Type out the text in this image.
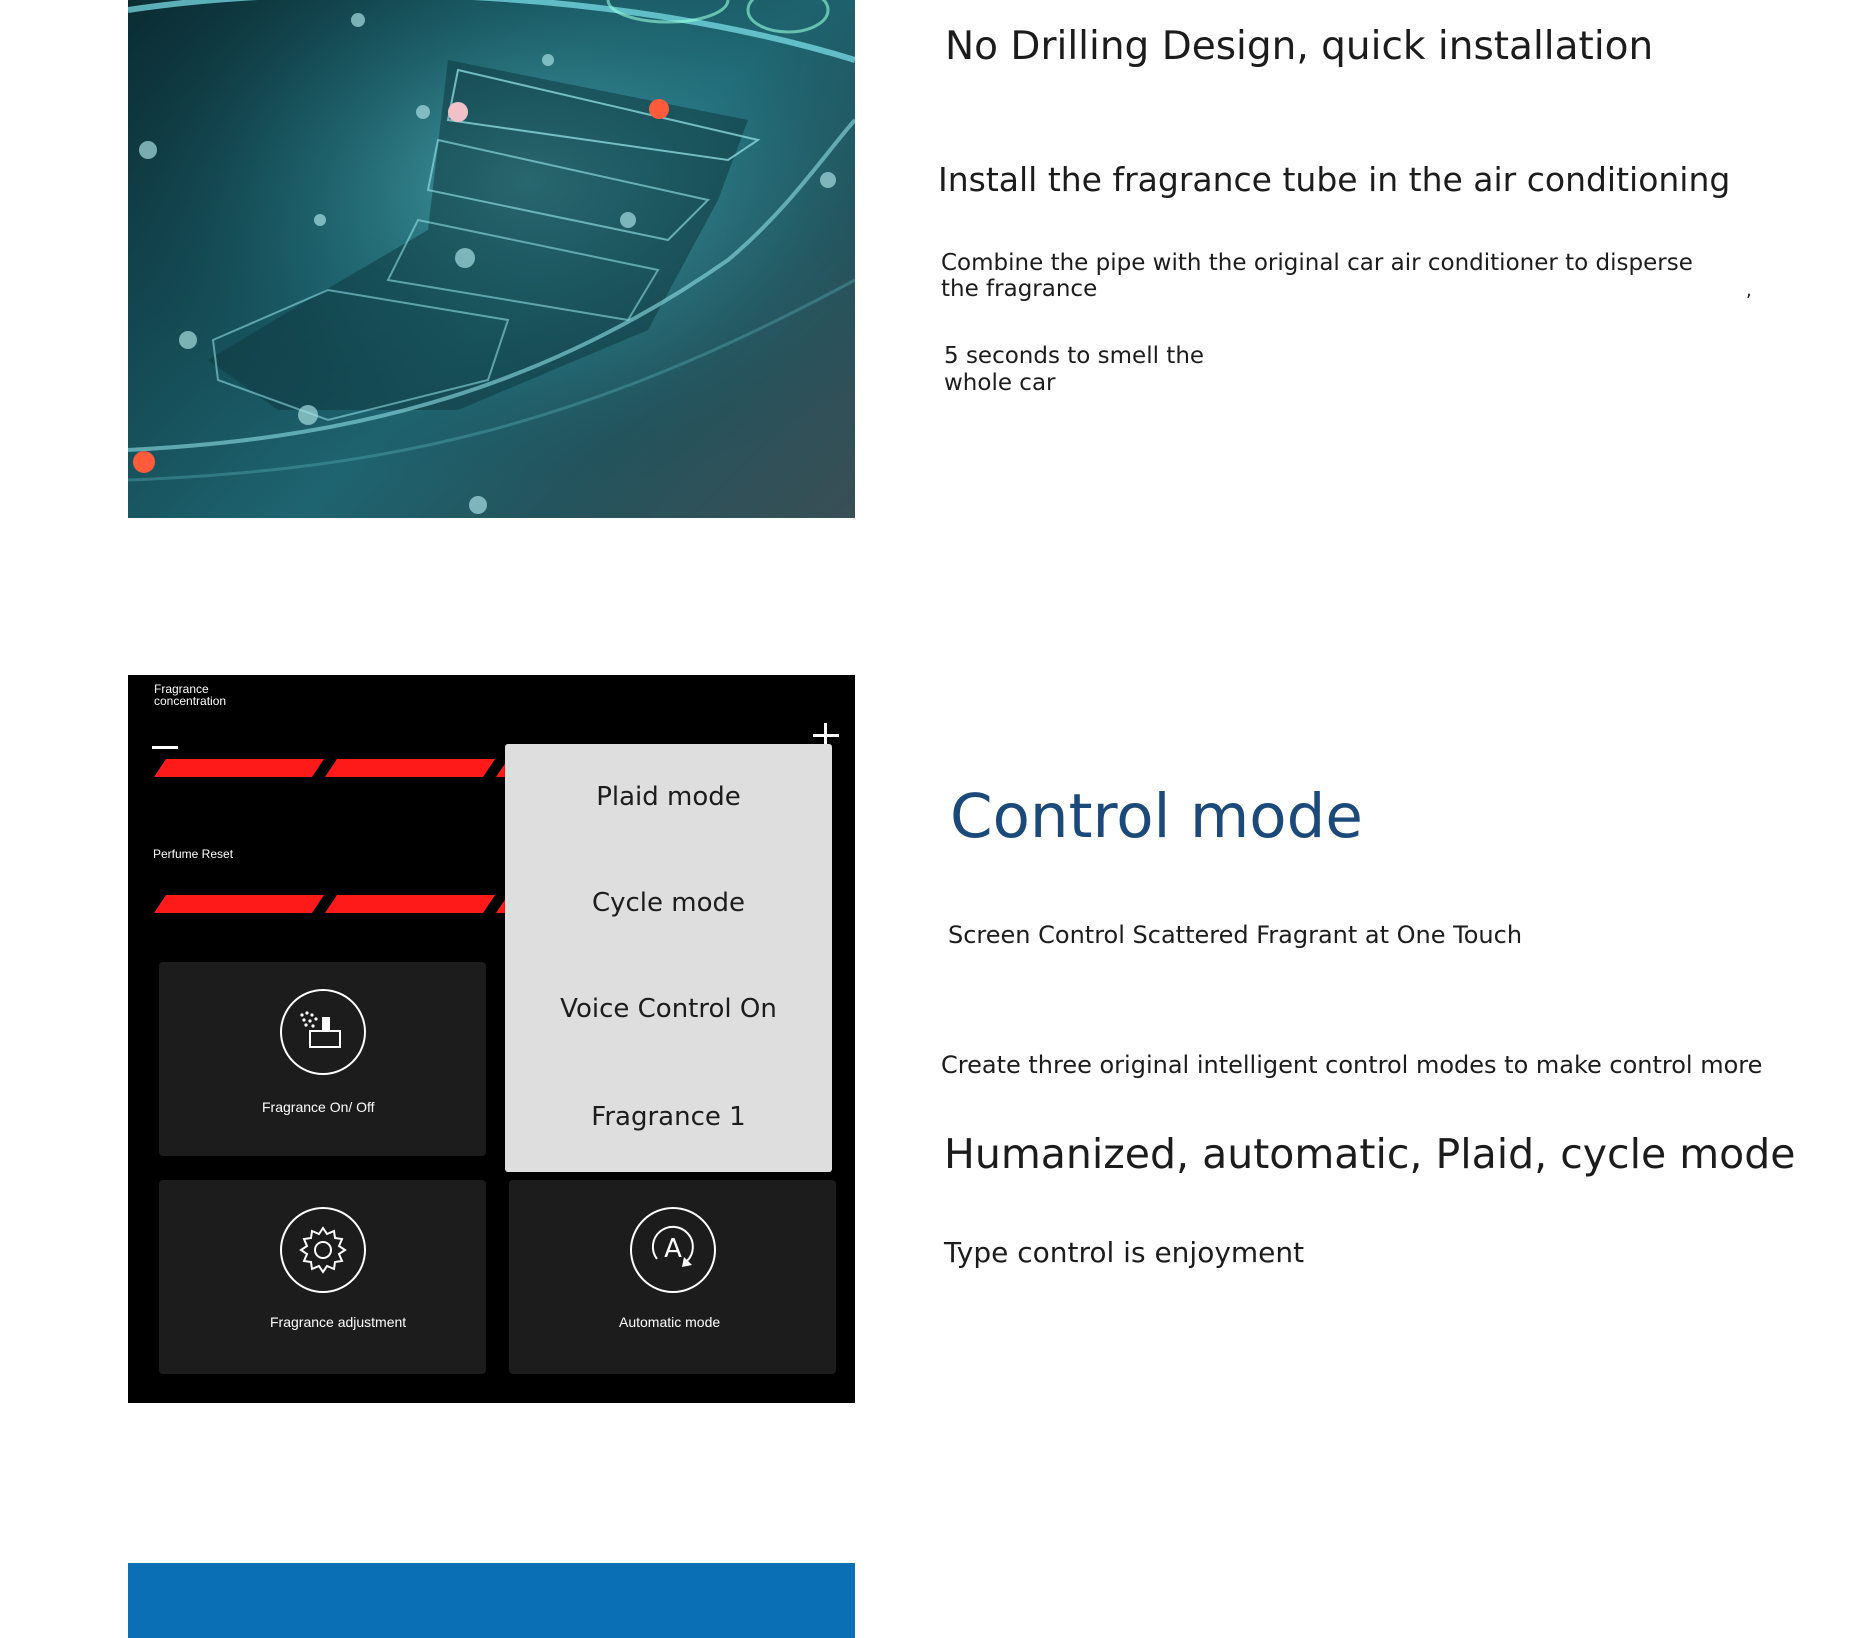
No Drilling Design, quick installation
Install the fragrance tube in the air conditioning
Combine the pipe with the original car air conditioner to disperse the fragrance
5 seconds to smell the whole car
,
Fragrance concentration
Perfume Reset
Fragrance On/ Off
Fragrance adjustment
A
Automatic mode
Plaid mode
Cycle mode
Voice Control On
Fragrance 1
Control mode
Screen Control Scattered Fragrant at One Touch
Create three original intelligent control modes to make control more
Humanized, automatic, Plaid, cycle mode
Type control is enjoyment
